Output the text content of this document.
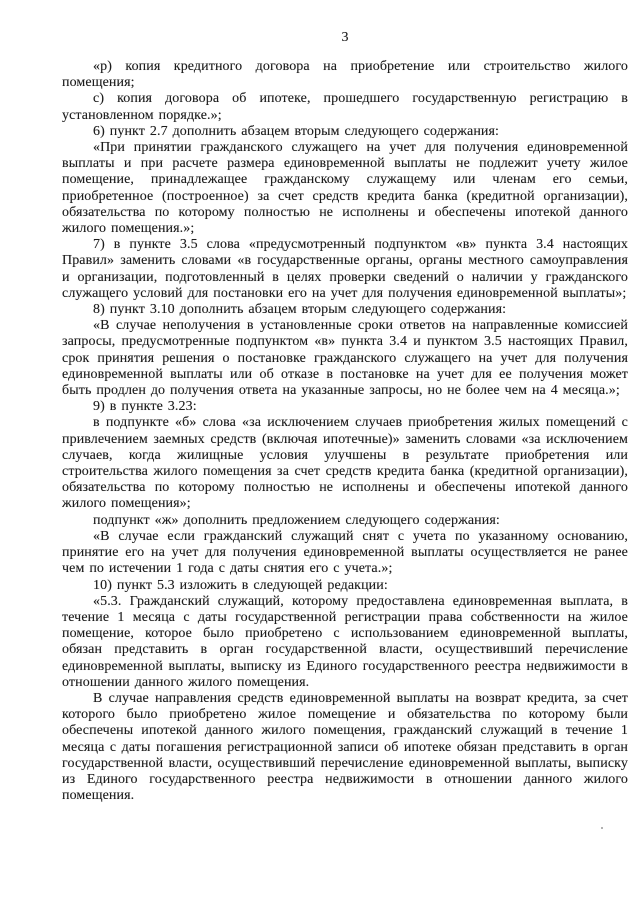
3

«р) копия кредитного договора на приобретение или строительство жилого помещения;

с) копия договора об ипотеке, прошедшего государственную регистрацию в установленном порядке.»;

6) пункт 2.7 дополнить абзацем вторым следующего содержания:

«При принятии гражданского служащего на учет для получения единовременной выплаты и при расчете размера единовременной выплаты не подлежит учету жилое помещение, принадлежащее гражданскому служащему или членам его семьи, приобретенное (построенное) за счет средств кредита банка (кредитной организации), обязательства по которому полностью не исполнены и обеспечены ипотекой данного жилого помещения.»;

7) в пункте 3.5 слова «предусмотренный подпунктом «в» пункта 3.4 настоящих Правил» заменить словами «в государственные органы, органы местного самоуправления и организации, подготовленный в целях проверки сведений о наличии у гражданского служащего условий для постановки его на учет для получения единовременной выплаты»;

8) пункт 3.10 дополнить абзацем вторым следующего содержания:

«В случае неполучения в установленные сроки ответов на направленные комиссией запросы, предусмотренные подпунктом «в» пункта 3.4 и пунктом 3.5 настоящих Правил, срок принятия решения о постановке гражданского служащего на учет для получения единовременной выплаты или об отказе в постановке на учет для ее получения может быть продлен до получения ответа на указанные запросы, но не более чем на 4 месяца.»;

9) в пункте 3.23:

в подпункте «б» слова «за исключением случаев приобретения жилых помещений с привлечением заемных средств (включая ипотечные)» заменить словами «за исключением случаев, когда жилищные условия улучшены в результате приобретения или строительства жилого помещения за счет средств кредита банка (кредитной организации), обязательства по которому полностью не исполнены и обеспечены ипотекой данного жилого помещения»;

подпункт «ж» дополнить предложением следующего содержания:

«В случае если гражданский служащий снят с учета по указанному основанию, принятие его на учет для получения единовременной выплаты осуществляется не ранее чем по истечении 1 года с даты снятия его с учета.»;

10) пункт 5.3 изложить в следующей редакции:

«5.3. Гражданский служащий, которому предоставлена единовременная выплата, в течение 1 месяца с даты государственной регистрации права собственности на жилое помещение, которое было приобретено с использованием единовременной выплаты, обязан представить в орган государственной власти, осуществивший перечисление единовременной выплаты, выписку из Единого государственного реестра недвижимости в отношении данного жилого помещения.

В случае направления средств единовременной выплаты на возврат кредита, за счет которого было приобретено жилое помещение и обязательства по которому были обеспечены ипотекой данного жилого помещения, гражданский служащий в течение 1 месяца с даты погашения регистрационной записи об ипотеке обязан представить в орган государственной власти, осуществивший перечисление единовременной выплаты, выписку из Единого государственного реестра недвижимости в отношении данного жилого помещения.
